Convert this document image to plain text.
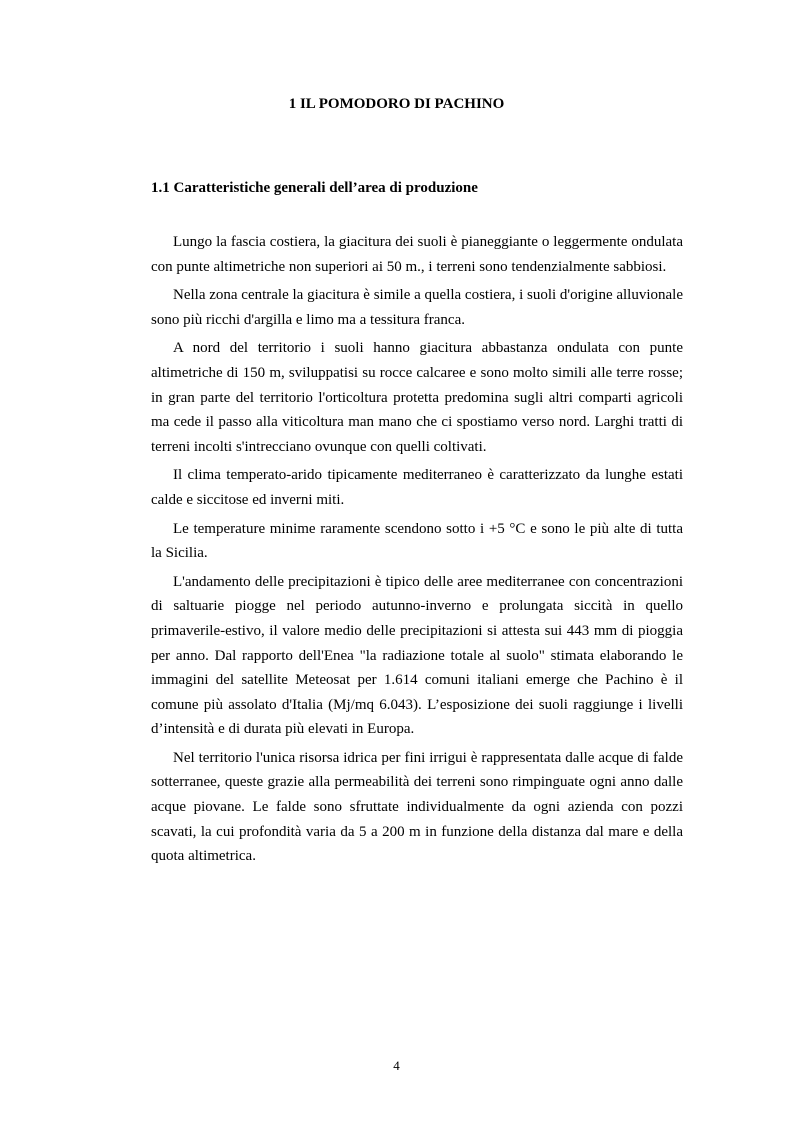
1 IL POMODORO DI PACHINO
1.1 Caratteristiche generali dell’area di produzione

Lungo la fascia costiera, la giacitura dei suoli è pianeggiante o leggermente ondulata con punte altimetriche non superiori ai 50 m., i terreni sono tendenzialmente sabbiosi.

Nella zona centrale la giacitura è simile a quella costiera, i suoli d'origine alluvionale sono più ricchi d'argilla e limo ma a tessitura franca.

A nord del territorio i suoli hanno giacitura abbastanza ondulata con punte altimetriche di 150 m, sviluppatisi su rocce calcaree e sono molto simili alle terre rosse; in gran parte del territorio l'orticoltura protetta predomina sugli altri comparti agricoli ma cede il passo alla viticoltura man mano che ci spostiamo verso nord. Larghi tratti di terreni incolti s'intrecciano ovunque con quelli coltivati.

Il clima temperato-arido tipicamente mediterraneo è caratterizzato da lunghe estati calde e siccitose ed inverni miti.

Le temperature minime raramente scendono sotto i +5 °C e sono le più alte di tutta la Sicilia.

L'andamento delle precipitazioni è tipico delle aree mediterranee con concentrazioni di saltuarie piogge nel periodo autunno-inverno e prolungata siccità in quello primaverile-estivo, il valore medio delle precipitazioni si attesta sui 443 mm di pioggia per anno. Dal rapporto dell'Enea "la radiazione totale al suolo" stimata elaborando le immagini del satellite Meteosat per 1.614 comuni italiani emerge che Pachino è il comune più assolato d'Italia (Mj/mq 6.043). L’esposizione dei suoli raggiunge i livelli d’intensità e di durata più elevati in Europa.

Nel territorio l'unica risorsa idrica per fini irrigui è rappresentata dalle acque di falde sotterranee, queste grazie alla permeabilità dei terreni sono rimpinguate ogni anno dalle acque piovane. Le falde sono sfruttate individualmente da ogni azienda con pozzi scavati, la cui profondità varia da 5 a 200 m in funzione della distanza dal mare e della quota altimetrica.

4
